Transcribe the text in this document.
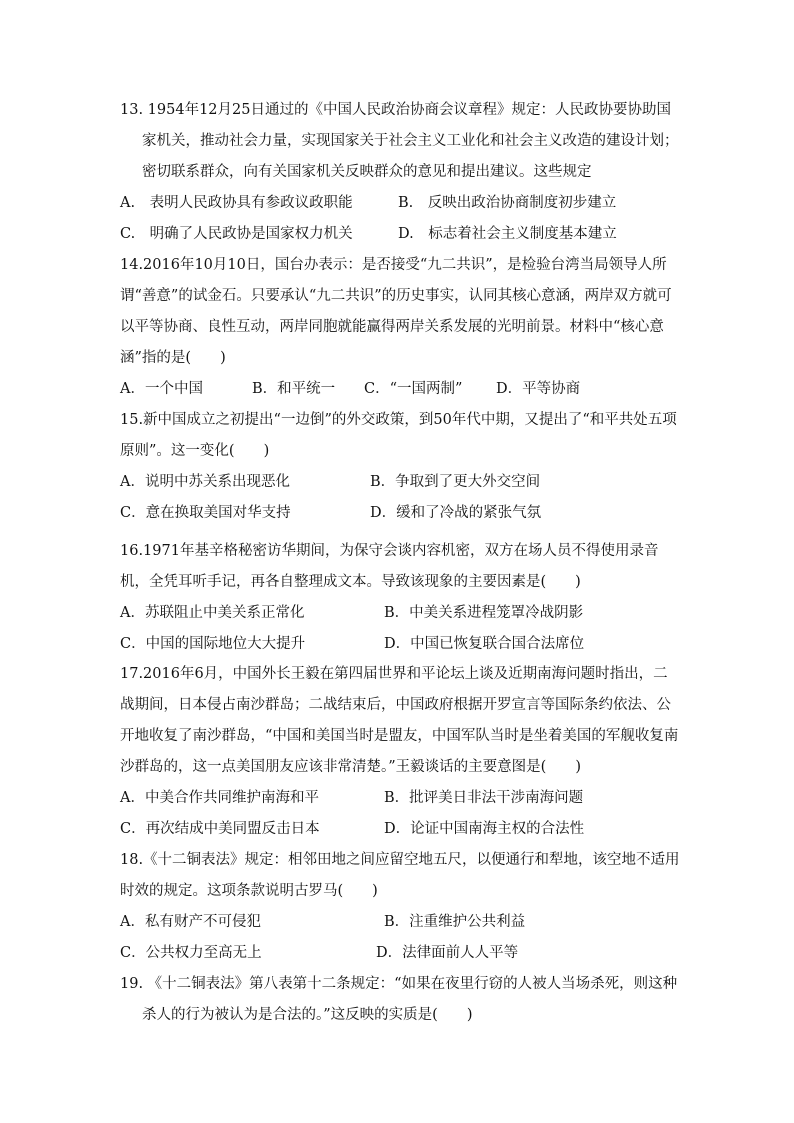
13. 1954年12月25日通过的《中国人民政治协商会议章程》规定：人民政协要协助国家机关，推动社会力量，实现国家关于社会主义工业化和社会主义改造的建设计划；密切联系群众，向有关国家机关反映群众的意见和提出建议。这些规定

A.　表明人民政协具有参政议政职能	B.　反映出政治协商制度初步建立
C.　明确了人民政协是国家权力机关	D.　标志着社会主义制度基本建立

14.2016年10月10日，国台办表示：是否接受“九二共识”，是检验台湾当局领导人所谓“善意”的试金石。只要承认“九二共识”的历史事实，认同其核心意涵，两岸双方就可以平等协商、良性互动，两岸同胞就能赢得两岸关系发展的光明前景。材料中“核心意涵”指的是(　　)

A．一个中国	B．和平统一 C．“一国两制” D．平等协商

15.新中国成立之初提出“一边倒”的外交政策，到50年代中期，又提出了“和平共处五项原则”。这一变化(　　)

A．说明中苏关系出现恶化	B．争取到了更大外交空间
C．意在换取美国对华支持	D．缓和了冷战的紧张气氛

16.1971年基辛格秘密访华期间，为保守会谈内容机密，双方在场人员不得使用录音机，全凭耳听手记，再各自整理成文本。导致该现象的主要因素是(　　)

A．苏联阻止中美关系正常化	B．中美关系进程笼罩冷战阴影
C．中国的国际地位大大提升	D．中国已恢复联合国合法席位

17.2016年6月，中国外长王毅在第四届世界和平论坛上谈及近期南海问题时指出，二战期间，日本侵占南沙群岛；二战结束后，中国政府根据开罗宣言等国际条约依法、公开地收复了南沙群岛，“中国和美国当时是盟友，中国军队当时是坐着美国的军舰收复南沙群岛的，这一点美国朋友应该非常清楚。”王毅谈话的主要意图是(　　)

A．中美合作共同维护南海和平	B．批评美日非法干涉南海问题
C．再次结成中美同盟反击日本	D．论证中国南海主权的合法性

18.《十二铜表法》规定：相邻田地之间应留空地五尺，以便通行和犁地，该空地不适用时效的规定。这项条款说明古罗马(　　)

A．私有财产不可侵犯	B．注重维护公共利益
C．公共权力至高无上	D．法律面前人人平等

19. 《十二铜表法》第八表第十二条规定：“如果在夜里行窃的人被人当场杀死，则这种杀人的行为被认为是合法的。”这反映的实质是(　　)
